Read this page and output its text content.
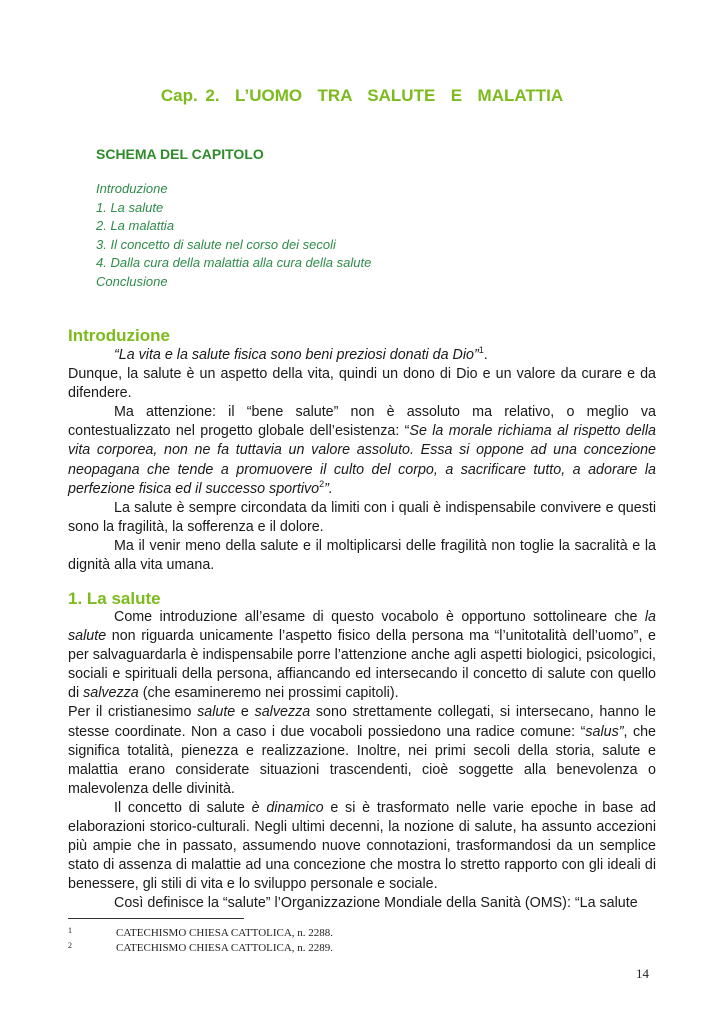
Cap. 2.  L’UOMO  TRA  SALUTE  E  MALATTIA
SCHEMA DEL CAPITOLO
Introduzione
1. La salute
2. La malattia
3. Il concetto di salute nel corso dei secoli
4. Dalla cura della malattia alla cura della salute
Conclusione
Introduzione

“La vita e la salute fisica sono beni preziosi donati da Dio”$^1$.

Dunque, la salute è un aspetto della vita, quindi un dono di Dio e un valore da curare e da difendere.

Ma attenzione: il “bene salute” non è assoluto ma relativo, o meglio va contestualizzato nel progetto globale dell’esistenza: “Se la morale richiama al rispetto della vita corporea, non ne fa tuttavia un valore assoluto. Essa si oppone ad una concezione neopagana che tende a promuovere il culto del corpo, a sacrificare tutto, a adorare la perfezione fisica ed il successo sportivo$^2$”.

La salute è sempre circondata da limiti con i quali è indispensabile convivere e questi sono la fragilità, la sofferenza e il dolore.

Ma il venir meno della salute e il moltiplicarsi delle fragilità non toglie la sacralità e la dignità alla vita umana.

1. La salute

Come introduzione all’esame di questo vocabolo è opportuno sottolineare che la salute non riguarda unicamente l’aspetto fisico della persona ma “l’unitotalità dell’uomo”, e per salvaguardarla è indispensabile porre l’attenzione anche agli aspetti biologici, psicologici, sociali e spirituali della persona, affiancando ed intersecando il concetto di salute con quello di salvezza (che esamineremo nei prossimi capitoli).

Per il cristianesimo salute e salvezza sono strettamente collegati, si intersecano, hanno le stesse coordinate. Non a caso i due vocaboli possiedono una radice comune: “salus”, che significa totalità, pienezza e realizzazione. Inoltre, nei primi secoli della storia, salute e malattia erano considerate situazioni trascendenti, cioè soggette alla benevolenza o malevolenza delle divinità.

Il concetto di salute è dinamico e si è trasformato nelle varie epoche in base ad elaborazioni storico-culturali. Negli ultimi decenni, la nozione di salute, ha assunto accezioni più ampie che in passato, assumendo nuove connotazioni, trasformandosi da un semplice stato di assenza di malattie ad una concezione che mostra lo stretto rapporto con gli ideali di benessere, gli stili di vita e lo sviluppo personale e sociale.

Così definisce la “salute” l’Organizzazione Mondiale della Sanità (OMS): “La salute

1	CATECHISMO CHIESA CATTOLICA, n. 2288.
2	CATECHISMO CHIESA CATTOLICA, n. 2289.
14
